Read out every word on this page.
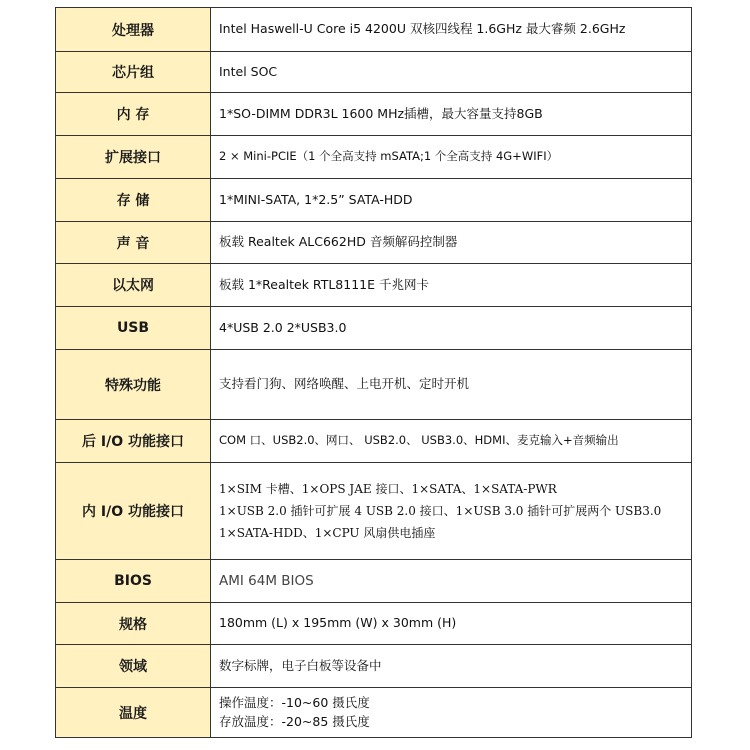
处理器	Intel Haswell-U Core i5 4200U 双核四线程 1.6GHz 最大睿频 2.6GHz
芯片组	Intel SOC
内 存	1*SO-DIMM DDR3L 1600 MHz插槽，最大容量支持8GB
扩展接口	2 × Mini-PCIE（1 个全高支持 mSATA;1 个全高支持 4G+WIFI）
存 储	1*MINI-SATA, 1*2.5” SATA-HDD
声 音	板载 Realtek ALC662HD 音频解码控制器
以太网	板载 1*Realtek RTL8111E 千兆网卡
USB	4*USB 2.0 2*USB3.0
特殊功能	支持看门狗、网络唤醒、上电开机、定时开机
后 I/O 功能接口	COM 口、USB2.0、网口、 USB2.0、 USB3.0、HDMI、麦克输入+音频输出
内 I/O 功能接口	1×SIM 卡槽、1×OPS JAE 接口、1×SATA、1×SATA-PWR
1×USB 2.0 插针可扩展 4 USB 2.0 接口、1×USB 3.0 插针可扩展两个 USB3.0
1×SATA-HDD、1×CPU 风扇供电插座

BIOS	AMI 64M BIOS
规格	180mm (L) x 195mm (W) x 30mm (H)
领域	数字标牌，电子白板等设备中
温度	操作温度：-10~60 摄氏度
存放温度：-20~85 摄氏度
